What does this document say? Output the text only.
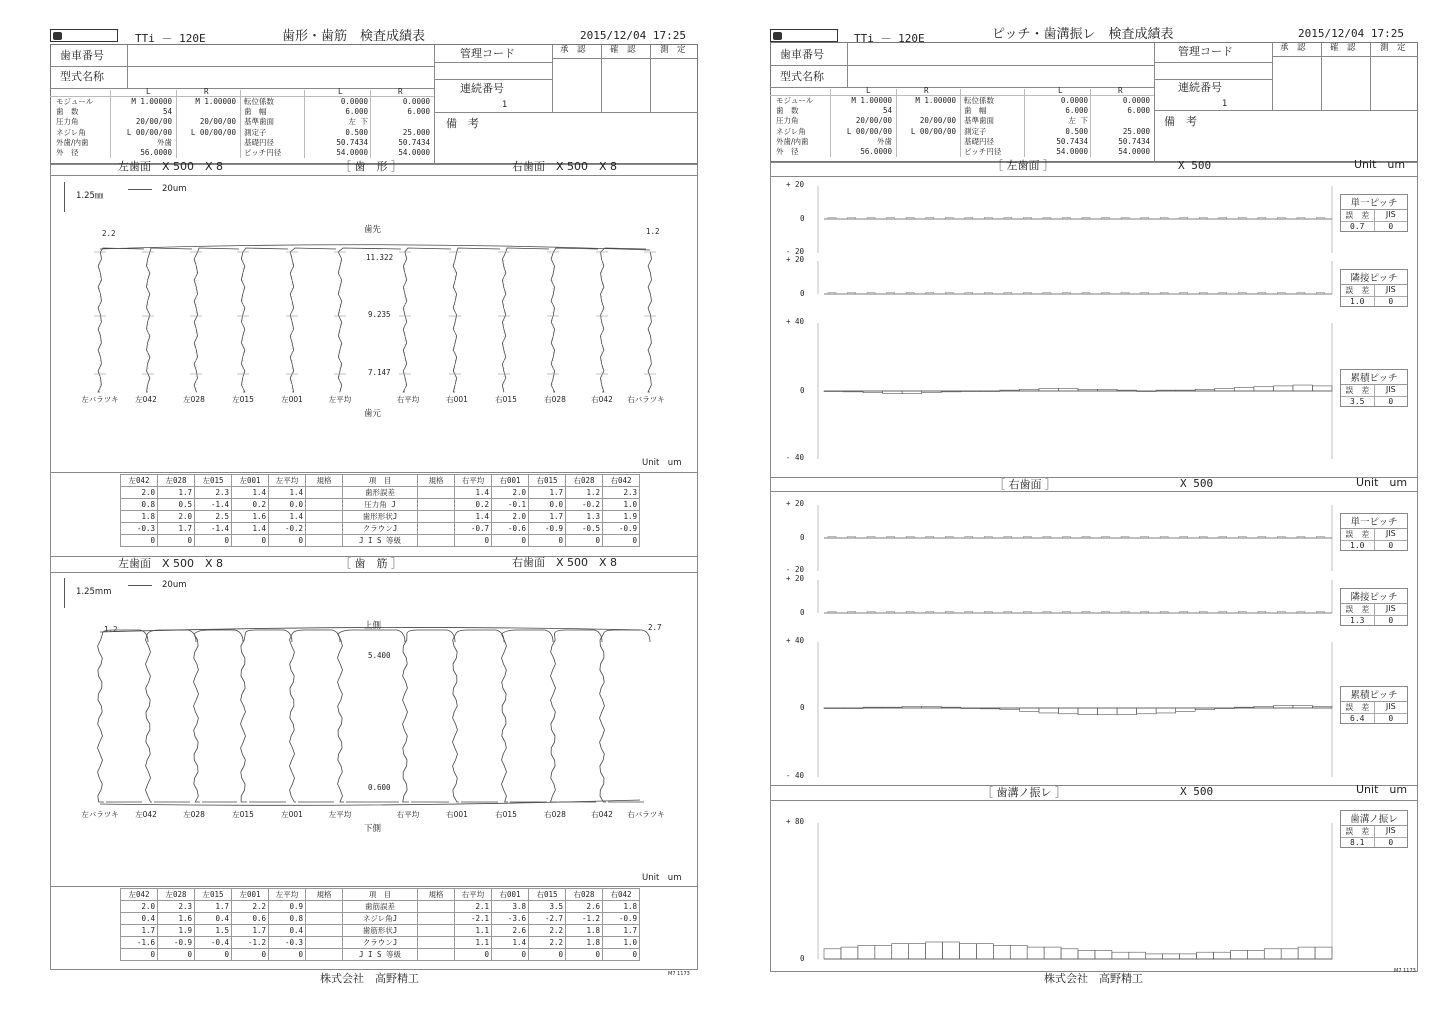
TTi － 120E	歯形・歯筋　検査成績表	2015/12/04 17:25
歯車番号
型式名称
管理コード	承　認	確　認	測　定
連続番号
1
備　考
L	R	L	R
モジュール	M 1.00000	M 1.00000 転位係数	0.0000	0.0000
歯　数	54	歯　幅	6.000	6.000
圧力角	20/00/00	20/00/00 基準歯面	左 下
ネジレ角	L 00/00/00	L 00/00/00 測定子	0.500	25.000
外歯/内歯	外歯	基礎円径	50.7434	50.7434
外　径	56.0000	ピッチ円径	54.0000	54.0000
左歯面　X 500　X 8	［ 歯　形 ］	右歯面　X 500　X 8
1.25㎜
20um
歯先
歯元
2.2	1.2
11.322
9.235
7.147
左バラツキ	左042	左028	左015	左001	左平均	右平均	右001	右015	右028	右042	右バラツキ
Unit　um
	左042	左028	左015	左001	左平均	規格	項　目	規格	右平均	右001	右015	右028	右042
	2.0	1.7	2.3	1.4	1.4		歯形誤差		1.4	2.0	1.7	1.2	2.3
	0.8	0.5	-1.4	0.2	0.0		圧力角 J		0.2	-0.1	0.0	-0.2	1.0
	1.8	2.0	2.5	1.6	1.4		歯形形状J		1.4	2.0	1.7	1.3	1.9
	-0.3	1.7	-1.4	1.4	-0.2		クラウンJ		-0.7	-0.6	-0.9	-0.5	-0.9
	0	0	0	0	0		J I S 等級		0	0	0	0	0
左歯面　X 500　X 8	［ 歯　筋 ］	右歯面　X 500　X 8
1.25mm
20um
上側
下側
1.2	2.7
5.400
0.600
左バラツキ	左042	左028	左015	左001	左平均	右平均	右001	右015	右028	右042	右バラツキ
Unit　um
	左042	左028	左015	左001	左平均	規格	項　目	規格	右平均	右001	右015	右028	右042
	2.0	2.3	1.7	2.2	0.9		歯筋誤差		2.1	3.8	3.5	2.6	1.8
	0.4	1.6	0.4	0.6	0.8		ネジレ角J		-2.1	-3.6	-2.7	-1.2	-0.9
	1.7	1.9	1.5	1.7	0.4		歯筋形状J		1.1	2.6	2.2	1.8	1.7
	-1.6	-0.9	-0.4	-1.2	-0.3		クラウンJ		1.1	1.4	2.2	1.8	1.0
	0	0	0	0	0		J I S 等級		0	0	0	0	0
株式会社　高野精工	M7 1173
TTi － 120E	ピッチ・歯溝振レ　検査成績表	2015/12/04 17:25
歯車番号
型式名称
管理コード	承　認	確　認	測　定
連続番号
1
備　考
L	R	L	R
モジュール	M 1.00000	M 1.00000 転位係数	0.0000	0.0000
歯　数	54	歯　幅	6.000	6.000
圧力角	20/00/00	20/00/00 基準歯面	左 下
ネジレ角	L 00/00/00	L 00/00/00 測定子	0.500	25.000
外歯/内歯	外歯	基礎円径	50.7434	50.7434
外　径	56.0000	ピッチ円径	54.0000	54.0000
［ 左歯面 ］	X 500	Unit　um
［ 右歯面 ］	X 500	Unit　um
［ 歯溝ノ振レ ］	X 500	Unit　um
+ 20
0
- 20
+ 20
0
+ 40
0
- 40
+ 20
0
- 20
+ 20
0
+ 40
0
- 40
+ 80
0
単一ピッチ
誤　差	JIS
0.7	0
隣接ピッチ
誤　差	JIS
1.0	0
累積ピッチ
誤　差	JIS
3.5	0
単一ピッチ
誤　差	JIS
1.0	0
隣接ピッチ
誤　差	JIS
1.3	0
累積ピッチ
誤　差	JIS
6.4	0
歯溝ノ振レ
誤　差	JIS
8.1	0
株式会社　高野精工
M7 1173
